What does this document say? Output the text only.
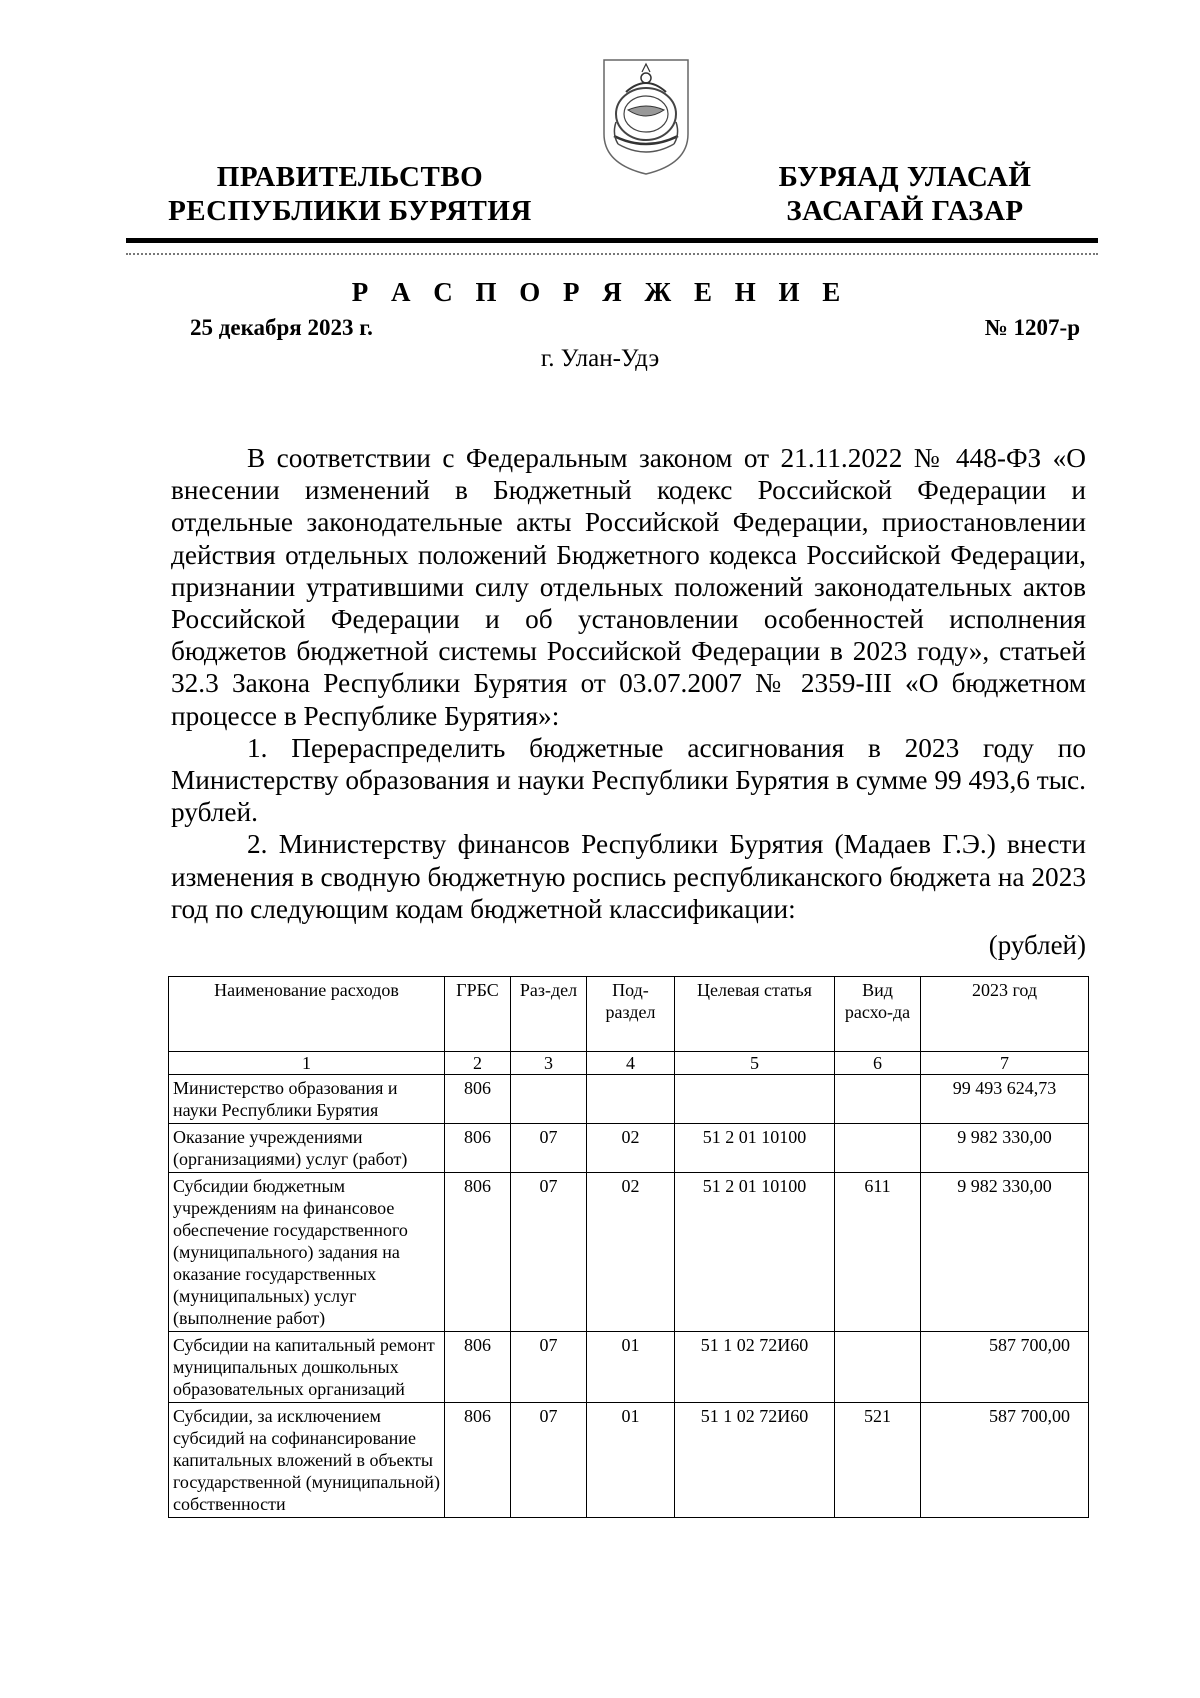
ПРАВИТЕЛЬСТВО
РЕСПУБЛИКИ БУРЯТИЯ
БУРЯАД УЛАСАЙ
ЗАСАГАЙ ГАЗАР
Р А С П О Р Я Ж Е Н И Е
25 декабря 2023 г.	№ 1207-р
г. Улан-Удэ

В соответствии с Федеральным законом от 21.11.2022 № 448-ФЗ «О внесении изменений в Бюджетный кодекс Российской Федерации и отдельные законодательные акты Российской Федерации, приостановлении действия отдельных положений Бюджетного кодекса Российской Федерации, признании утратившими силу отдельных положений законодательных актов Российской Федерации и об установлении особенностей исполнения бюджетов бюджетной системы Российской Федерации в 2023 году», статьей 32.3 Закона Республики Бурятия от 03.07.2007 № 2359-III «О бюджетном процессе в Республике Бурятия»:

1. Перераспределить бюджетные ассигнования в 2023 году по Министерству образования и науки Республики Бурятия в сумме 99 493,6 тыс. рублей.

2. Министерству финансов Республики Бурятия (Мадаев Г.Э.) внести изменения в сводную бюджетную роспись республиканского бюджета на 2023 год по следующим кодам бюджетной классификации:

(рублей)
Наименование расходов	ГРБС	Раз-дел	Под-раздел	Целевая статья	Вид расхо-да	2023 год
1	2	3	4	5	6	7
Министерство образования и науки Республики Бурятия	806					99 493 624,73
Оказание учреждениями (организациями) услуг (работ)	806	07	02	51 2 01 10100		9 982 330,00
Субсидии бюджетным учреждениям на финансовое обеспечение государственного (муниципального) задания на оказание государственных (муниципальных) услуг (выполнение работ)	806	07	02	51 2 01 10100	611	9 982 330,00
Субсидии на капитальный ремонт муниципальных дошкольных образовательных организаций	806	07	01	51 1 02 72И60		587 700,00
Субсидии, за исключением субсидий на софинансирование капитальных вложений в объекты государственной (муниципальной) собственности	806	07	01	51 1 02 72И60	521	587 700,00
